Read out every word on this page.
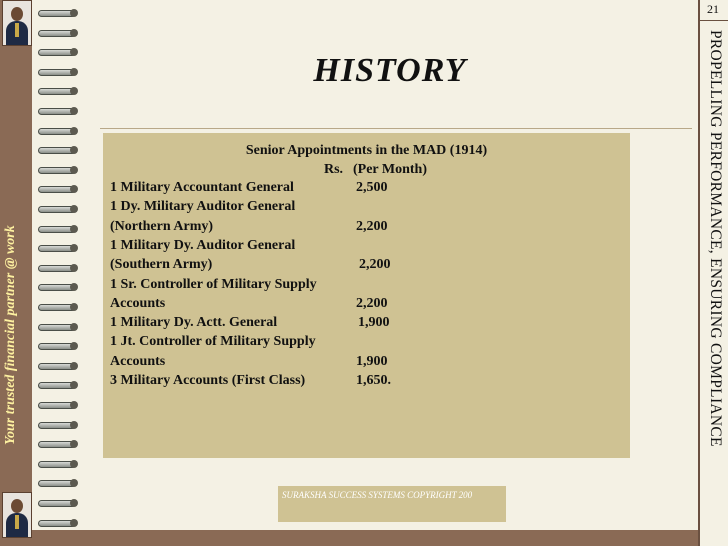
Your trusted financial partner @ work
HISTORY
Senior Appointments in the MAD (1914)
Rs. (Per Month)
1 Military Accountant General	2,500
1 Dy. Military Auditor General
(Northern Army)	2,200
1 Military Dy. Auditor General
(Southern Army)	2,200
1 Sr. Controller of Military Supply
Accounts	2,200
1 Military Dy. Actt. General	1,900
1 Jt. Controller of Military Supply
Accounts	1,900
3 Military Accounts (First Class)	1,650.
SURAKSHA SUCCESS SYSTEMS COPYRIGHT 200
21
PROPELLING PERFORMANCE, ENSURING COMPLIANCE
